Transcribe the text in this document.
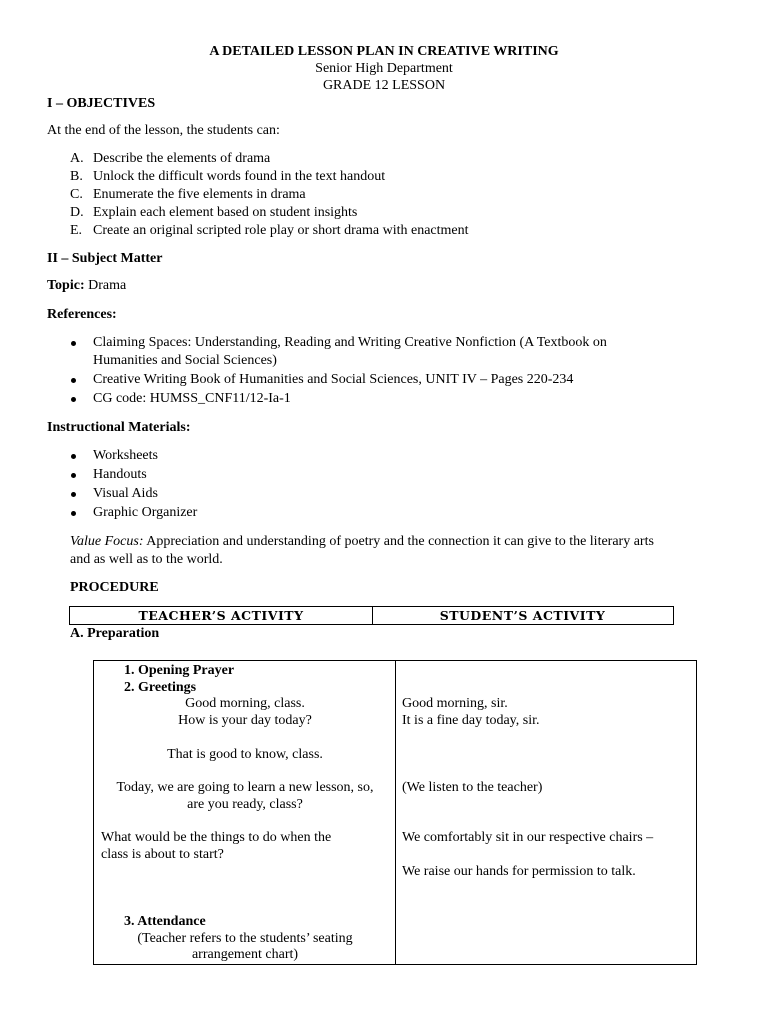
A DETAILED LESSON PLAN IN CREATIVE WRITING
Senior High Department
GRADE 12 LESSON
I – OBJECTIVES
At the end of the lesson, the students can:
A. Describe the elements of drama
B. Unlock the difficult words found in the text handout
C. Enumerate the five elements in drama
D. Explain each element based on student insights
E. Create an original scripted role play or short drama with enactment
II – Subject Matter
Topic: Drama
References:
Claiming Spaces: Understanding, Reading and Writing Creative Nonfiction (A Textbook on
Humanities and Social Sciences)
Creative Writing Book of Humanities and Social Sciences, UNIT IV – Pages 220-234
CG code: HUMSS_CNF11/12-Ia-1
Instructional Materials:
Worksheets
Handouts
Visual Aids
Graphic Organizer
Value Focus: Appreciation and understanding of poetry and the connection it can give to the literary arts
and as well as to the world.
PROCEDURE
TEACHER’S ACTIVITY	STUDENT’S ACTIVITY
A. Preparation
1. Opening Prayer
2. Greetings
Good morning, class.
How is your day today?
That is good to know, class.
Today, we are going to learn a new lesson, so,
are you ready, class?
What would be the things to do when the
class is about to start?
3. Attendance
(Teacher refers to the students’ seating
arrangement chart)
Good morning, sir.
It is a fine day today, sir.
(We listen to the teacher)
We comfortably sit in our respective chairs –
We raise our hands for permission to talk.
